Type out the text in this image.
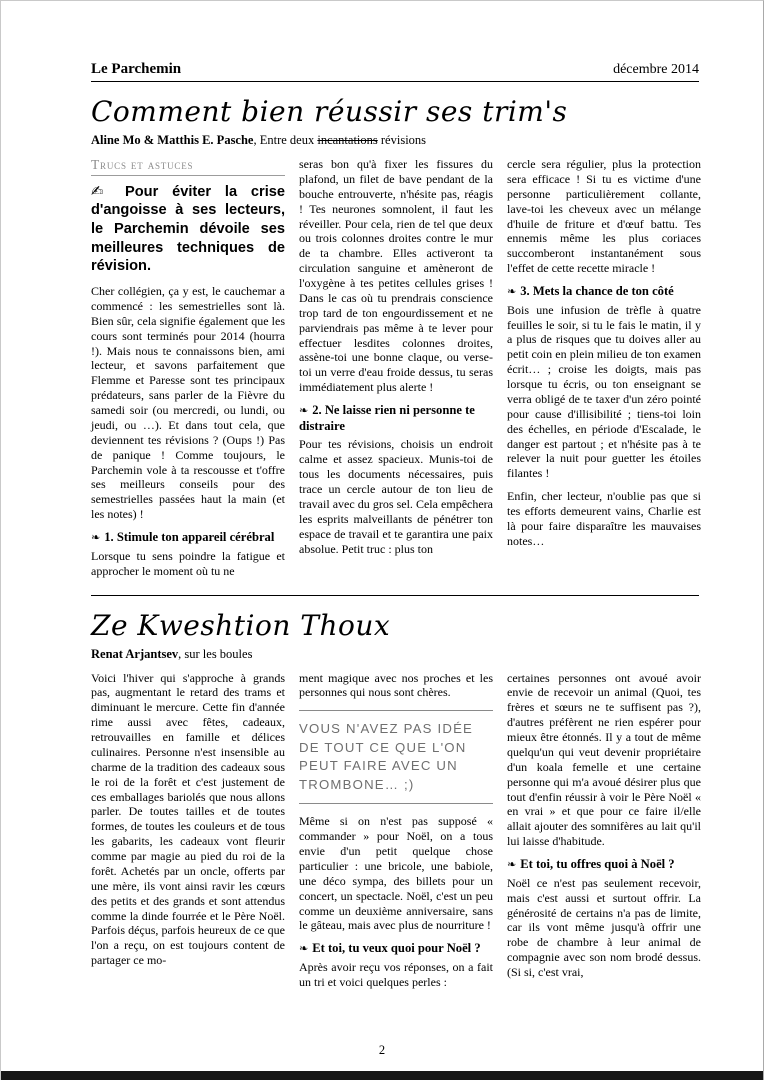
Le Parchemin	décembre 2014
Comment bien réussir ses trim's

Aline Mo & Matthis E. Pasche, Entre deux incantations révisions

Trucs et astuces

✍ Pour éviter la crise d'angoisse à ses lecteurs, le Parchemin dévoile ses meilleures techniques de révision.

Cher collégien, ça y est, le cauchemar a commencé : les semestrielles sont là. Bien sûr, cela signifie également que les cours sont terminés pour 2014 (hourra !). Mais nous te connaissons bien, ami lecteur, et savons parfaitement que Flemme et Paresse sont tes principaux prédateurs, sans parler de la Fièvre du samedi soir (ou mercredi, ou lundi, ou jeudi, ou …). Et dans tout cela, que deviennent tes révisions ? (Oups !) Pas de panique ! Comme toujours, le Parchemin vole à ta rescousse et t'offre ses meilleurs conseils pour des semestrielles passées haut la main (et les notes) !

❧ 1. Stimule ton appareil cérébral

Lorsque tu sens poindre la fatigue et approcher le moment où tu ne

seras bon qu'à fixer les fissures du plafond, un filet de bave pendant de la bouche entrouverte, n'hésite pas, réagis ! Tes neurones somnolent, il faut les réveiller. Pour cela, rien de tel que deux ou trois colonnes droites contre le mur de ta chambre. Elles activeront ta circulation sanguine et amèneront de l'oxygène à tes petites cellules grises ! Dans le cas où tu prendrais conscience trop tard de ton engourdissement et ne parviendrais pas même à te lever pour effectuer lesdites colonnes droites, assène-toi une bonne claque, ou verse-toi un verre d'eau froide dessus, tu seras immédiatement plus alerte !

❧ 2. Ne laisse rien ni personne te distraire

Pour tes révisions, choisis un endroit calme et assez spacieux. Munis-toi de tous les documents nécessaires, puis trace un cercle autour de ton lieu de travail avec du gros sel. Cela empêchera les esprits malveillants de pénétrer ton espace de travail et te garantira une paix absolue. Petit truc : plus ton

cercle sera régulier, plus la protection sera efficace ! Si tu es victime d'une personne particulièrement collante, lave-toi les cheveux avec un mélange d'huile de friture et d'œuf battu. Tes ennemis même les plus coriaces succomberont instantanément sous l'effet de cette recette miracle !

❧ 3. Mets la chance de ton côté

Bois une infusion de trèfle à quatre feuilles le soir, si tu le fais le matin, il y a plus de risques que tu doives aller au petit coin en plein milieu de ton examen écrit… ; croise les doigts, mais pas lorsque tu écris, ou ton enseignant se verra obligé de te taxer d'un zéro pointé pour cause d'illisibilité ; tiens-toi loin des échelles, en période d'Escalade, le danger est partout ; et n'hésite pas à te relever la nuit pour guetter les étoiles filantes !

Enfin, cher lecteur, n'oublie pas que si tes efforts demeurent vains, Charlie est là pour faire disparaître les mauvaises notes…

Ze Kweshtion Thoux

Renat Arjantsev, sur les boules

Voici l'hiver qui s'approche à grands pas, augmentant le retard des trams et diminuant le mercure. Cette fin d'année rime aussi avec fêtes, cadeaux, retrouvailles en famille et délices culinaires. Personne n'est insensible au charme de la tradition des cadeaux sous le roi de la forêt et c'est justement de ces emballages bariolés que nous allons parler. De toutes tailles et de toutes formes, de toutes les couleurs et de tous les gabarits, les cadeaux vont fleurir comme par magie au pied du roi de la forêt. Achetés par un oncle, offerts par une mère, ils vont ainsi ravir les cœurs des petits et des grands et sont attendus comme la dinde fourrée et le Père Noël. Parfois déçus, parfois heureux de ce que l'on a reçu, on est toujours content de partager ce mo-

ment magique avec nos proches et les personnes qui nous sont chères.

VOUS N'AVEZ PAS IDÉE DE TOUT CE QUE L'ON PEUT FAIRE AVEC UN TROMBONE… ;)

Même si on n'est pas supposé « commander » pour Noël, on a tous envie d'un petit quelque chose particulier : une bricole, une babiole, une déco sympa, des billets pour un concert, un spectacle. Noël, c'est un peu comme un deuxième anniversaire, sans le gâteau, mais avec plus de nourriture !

❧ Et toi, tu veux quoi pour Noël ?

Après avoir reçu vos réponses, on a fait un tri et voici quelques perles :

certaines personnes ont avoué avoir envie de recevoir un animal (Quoi, tes frères et sœurs ne te suffisent pas ?), d'autres préfèrent ne rien espérer pour mieux être étonnés. Il y a tout de même quelqu'un qui veut devenir propriétaire d'un koala femelle et une certaine personne qui m'a avoué désirer plus que tout d'enfin réussir à voir le Père Noël « en vrai » et que pour ce faire il/elle allait ajouter des somnifères au lait qu'il lui laisse d'habitude.

❧ Et toi, tu offres quoi à Noël ?

Noël ce n'est pas seulement recevoir, mais c'est aussi et surtout offrir. La générosité de certains n'a pas de limite, car ils vont même jusqu'à offrir une robe de chambre à leur animal de compagnie avec son nom brodé dessus. (Si si, c'est vrai,

2
